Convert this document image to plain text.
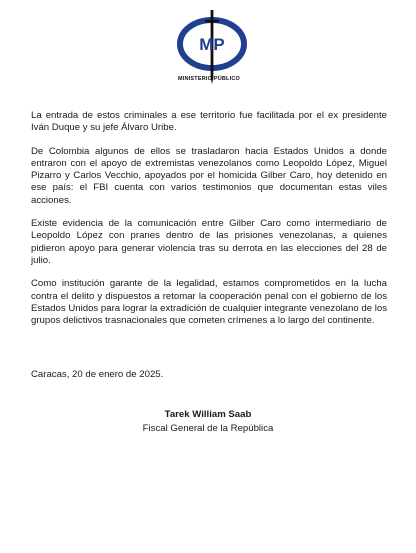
MP
MINISTERIO PÚBLICO

La entrada de estos criminales a ese territorio fue facilitada por el ex presidente Iván Duque y su jefe Álvaro Uribe.

De Colombia algunos de ellos se trasladaron hacia Estados Unidos a donde entraron con el apoyo de extremistas venezolanos como Leopoldo López, Miguel Pizarro y Carlos Vecchio, apoyados por el homicida Gilber Caro, hoy detenido en ese país: el FBI cuenta con varios testimonios que documentan estas viles acciones.

Existe evidencia de la comunicación entre Gilber Caro como intermediario de Leopoldo López con pranes dentro de las prisiones venezolanas, a quienes pidieron apoyo para generar violencia tras su derrota en las elecciones del 28 de julio.

Como institución garante de la legalidad, estamos comprometidos en la lucha contra el delito y dispuestos a retomar la cooperación penal con el gobierno de los Estados Unidos para lograr la extradición de cualquier integrante venezolano de los grupos delictivos trasnacionales que cometen crímenes a lo largo del continente.

Caracas, 20 de enero de 2025.

Tarek William Saab

Fiscal General de la República
